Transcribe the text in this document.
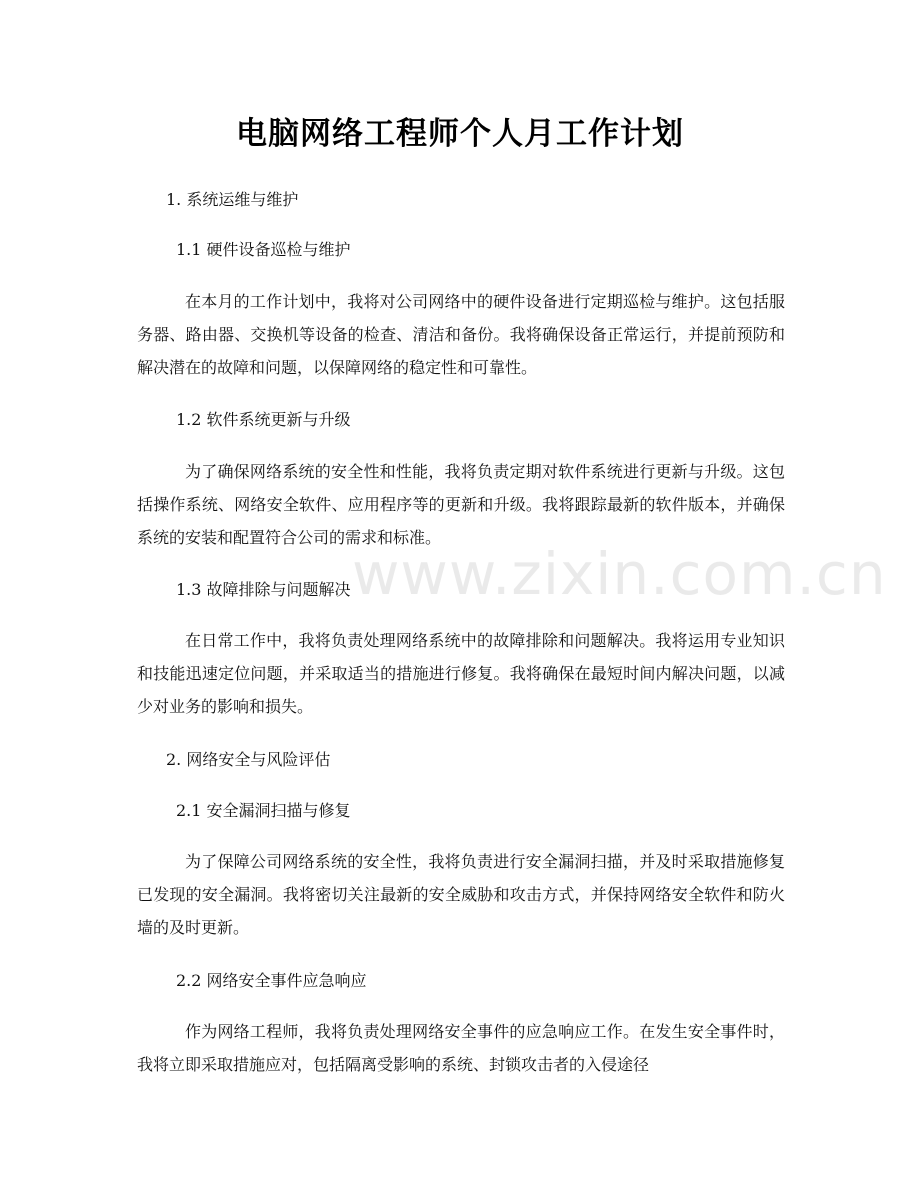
电脑网络工程师个人月工作计划
www.zixin.com.cn

1. 系统运维与维护

1.1 硬件设备巡检与维护

在本月的工作计划中，我将对公司网络中的硬件设备进行定期巡检与维护。这包括服务器、路由器、交换机等设备的检查、清洁和备份。我将确保设备正常运行，并提前预防和解决潜在的故障和问题，以保障网络的稳定性和可靠性。

1.2 软件系统更新与升级

为了确保网络系统的安全性和性能，我将负责定期对软件系统进行更新与升级。这包括操作系统、网络安全软件、应用程序等的更新和升级。我将跟踪最新的软件版本，并确保系统的安装和配置符合公司的需求和标准。

1.3 故障排除与问题解决

在日常工作中，我将负责处理网络系统中的故障排除和问题解决。我将运用专业知识和技能迅速定位问题，并采取适当的措施进行修复。我将确保在最短时间内解决问题，以减少对业务的影响和损失。

2. 网络安全与风险评估

2.1 安全漏洞扫描与修复

为了保障公司网络系统的安全性，我将负责进行安全漏洞扫描，并及时采取措施修复已发现的安全漏洞。我将密切关注最新的安全威胁和攻击方式，并保持网络安全软件和防火墙的及时更新。

2.2 网络安全事件应急响应

作为网络工程师，我将负责处理网络安全事件的应急响应工作。在发生安全事件时，我将立即采取措施应对，包括隔离受影响的系统、封锁攻击者的入侵途径
